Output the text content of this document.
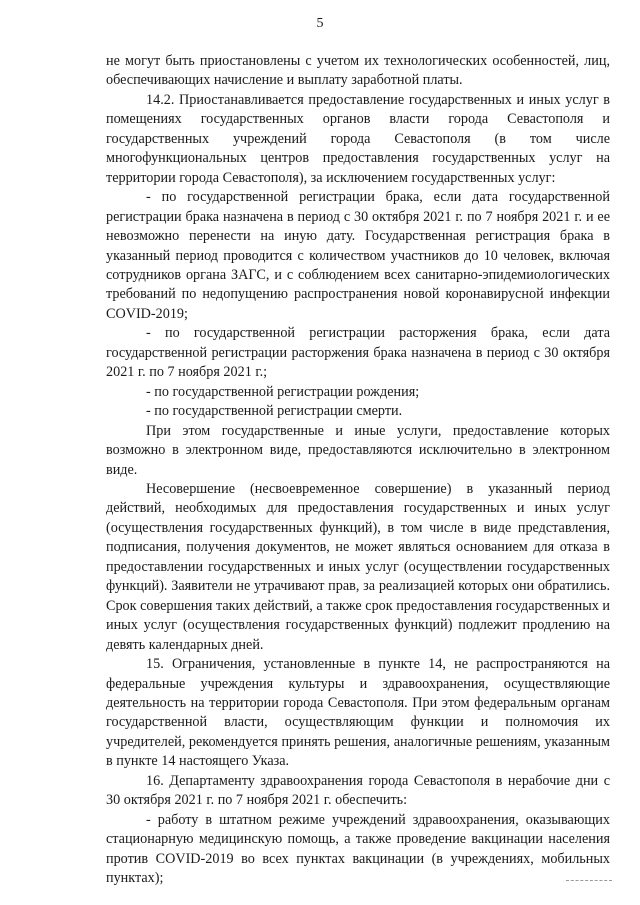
5

не могут быть приостановлены с учетом их технологических особенностей, лиц, обеспечивающих начисление и выплату заработной платы.

14.2. Приостанавливается предоставление государственных и иных услуг в помещениях государственных органов власти города Севастополя и государственных учреждений города Севастополя (в том числе многофункциональных центров предоставления государственных услуг на территории города Севастополя), за исключением государственных услуг:

- по государственной регистрации брака, если дата государственной регистрации брака назначена в период с 30 октября 2021 г. по 7 ноября 2021 г. и ее невозможно перенести на иную дату. Государственная регистрация брака в указанный период проводится с количеством участников до 10 человек, включая сотрудников органа ЗАГС, и с соблюдением всех санитарно-эпидемиологических требований по недопущению распространения новой коронавирусной инфекции COVID-2019;

- по государственной регистрации расторжения брака, если дата государственной регистрации расторжения брака назначена в период с 30 октября 2021 г. по 7 ноября 2021 г.;

- по государственной регистрации рождения;

- по государственной регистрации смерти.

При этом государственные и иные услуги, предоставление которых возможно в электронном виде, предоставляются исключительно в электронном виде.

Несовершение (несвоевременное совершение) в указанный период действий, необходимых для предоставления государственных и иных услуг (осуществления государственных функций), в том числе в виде представления, подписания, получения документов, не может являться основанием для отказа в предоставлении государственных и иных услуг (осуществлении государственных функций). Заявители не утрачивают прав, за реализацией которых они обратились. Срок совершения таких действий, а также срок предоставления государственных и иных услуг (осуществления государственных функций) подлежит продлению на девять календарных дней.

15. Ограничения, установленные в пункте 14, не распространяются на федеральные учреждения культуры и здравоохранения, осуществляющие деятельность на территории города Севастополя. При этом федеральным органам государственной власти, осуществляющим функции и полномочия их учредителей, рекомендуется принять решения, аналогичные решениям, указанным в пункте 14 настоящего Указа.

16. Департаменту здравоохранения города Севастополя в нерабочие дни с 30 октября 2021 г. по 7 ноября 2021 г. обеспечить:

- работу в штатном режиме учреждений здравоохранения, оказывающих стационарную медицинскую помощь, а также проведение вакцинации населения против COVID-2019 во всех пунктах вакцинации (в учреждениях, мобильных пунктах);
